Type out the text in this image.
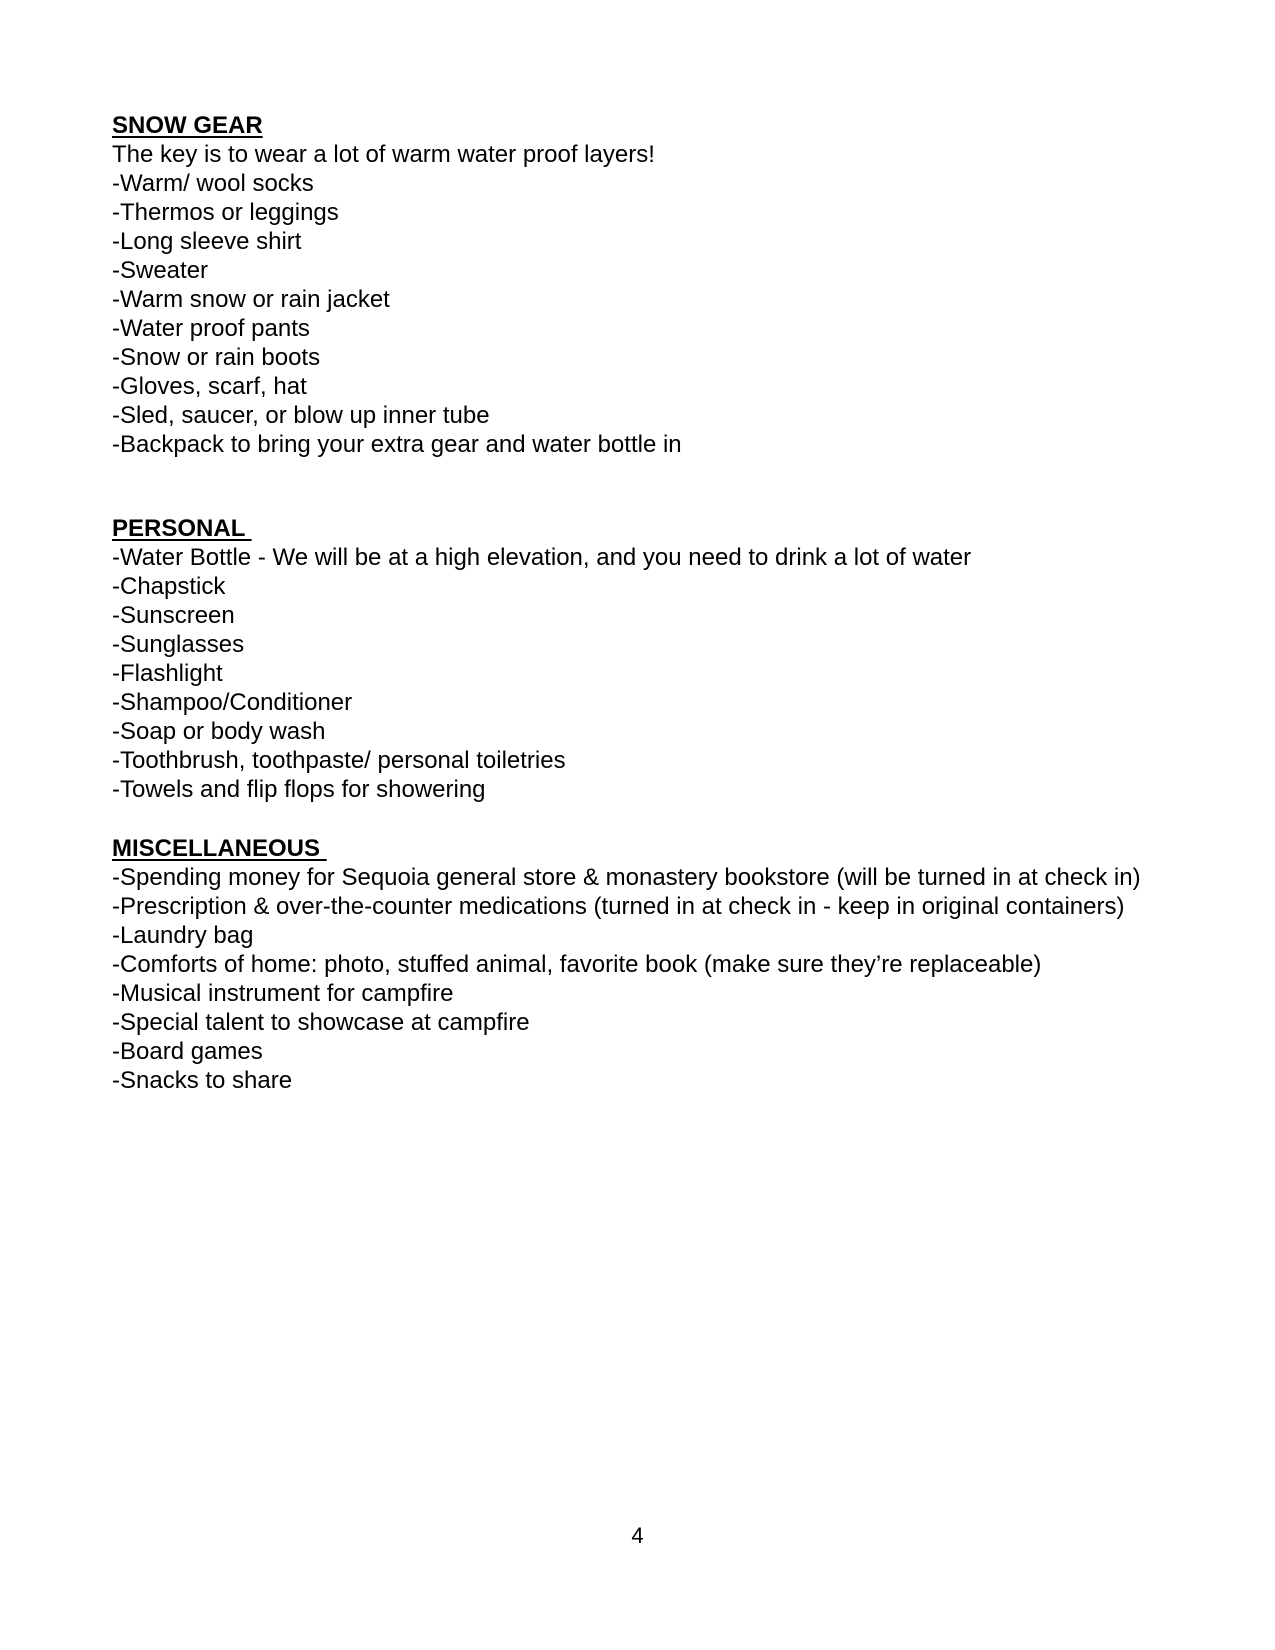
SNOW GEAR
The key is to wear a lot of warm water proof layers!
-Warm/ wool socks
-Thermos or leggings
-Long sleeve shirt
-Sweater
-Warm snow or rain jacket
-Water proof pants
-Snow or rain boots
-Gloves, scarf, hat
-Sled, saucer, or blow up inner tube
-Backpack to bring your extra gear and water bottle in
PERSONAL
-Water Bottle - We will be at a high elevation, and you need to drink a lot of water
-Chapstick
-Sunscreen
-Sunglasses
-Flashlight
-Shampoo/Conditioner
-Soap or body wash
-Toothbrush, toothpaste/ personal toiletries
-Towels and flip flops for showering
MISCELLANEOUS
-Spending money for Sequoia general store & monastery bookstore (will be turned in at check in)
-Prescription & over-the-counter medications (turned in at check in - keep in original containers)
-Laundry bag
-Comforts of home: photo, stuffed animal, favorite book (make sure they’re replaceable)
-Musical instrument for campfire
-Special talent to showcase at campfire
-Board games
-Snacks to share
4
